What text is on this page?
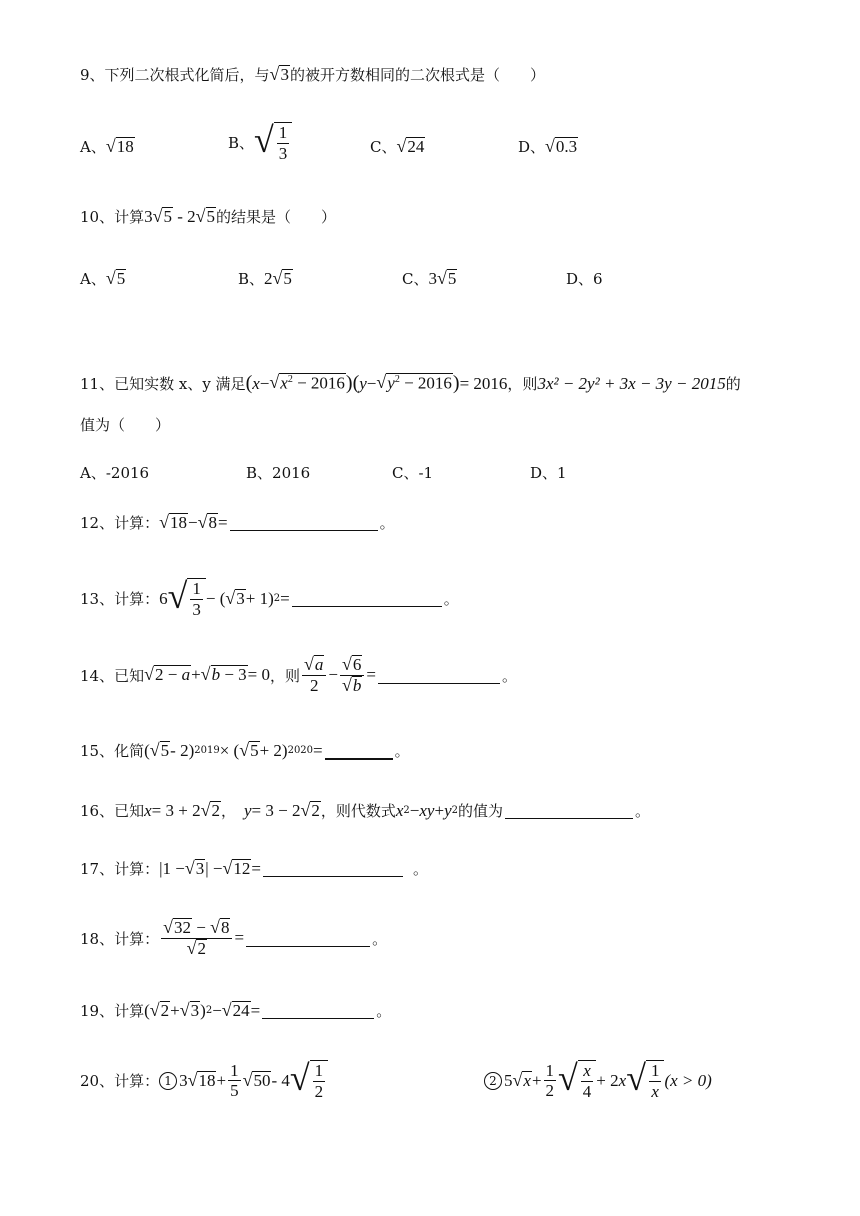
9、下列二次根式化简后，与 √ 3 的被开方数相同的二次根式是（　　）
A、 √ 18	B、 √ $\frac{1}{3}$	C、 √ 24	D、 √ 0.3
10、计算 3 √ 5 - 2 √ 5 的结果是（　　）
A、 √ 5	B、 2 √ 5	C、 3 √ 5	D、 6
11、已知实数 x、y 满足 ( x − √ $x^2 - 2016$ )( y − √ $y^2 - 2016$ ) = 2016 ，则 3x² − 2y² + 3x − 3y − 2015 的
值为（　　）
A、-2016	B、2016	C、-1	D、1
12、计算： √ 18 − √ 8 =	。
13、计算： 6 √ $\frac{1}{3}$ − ( √ 3 + 1) 2 =	。
14、已知 √ 2 − a + √ b − 3 = 0 ，则 $\frac{√ a}{2} - \frac{√ 6}{√ b}$ =	。
15、化简 ( √ 5 - 2) 2019 × ( √ 5 + 2) 2020 =	。
16、已知 x = 3 + 2 √ 2 ， y = 3 − 2 √ 2 ，则代数式 x 2 − xy + y 2 的值为	。
17、计算： |1 − √ 3 | − √ 12 =	。
18、计算： $\frac{√ 32 - √ 8}{√ 2}$ =	。
19、计算 ( √ 2 + √ 3 ) 2 − √ 24 =	。
20、计算： 1 3 √ $18 + \frac{1}{5}$ √ 50 - 4 √ $\frac{1}{2}$	2 5 √ $x + \frac{1}{2}$ √ $\frac{x}{4} + 2$ x √ $\frac{1}{x} (x > 0)$
